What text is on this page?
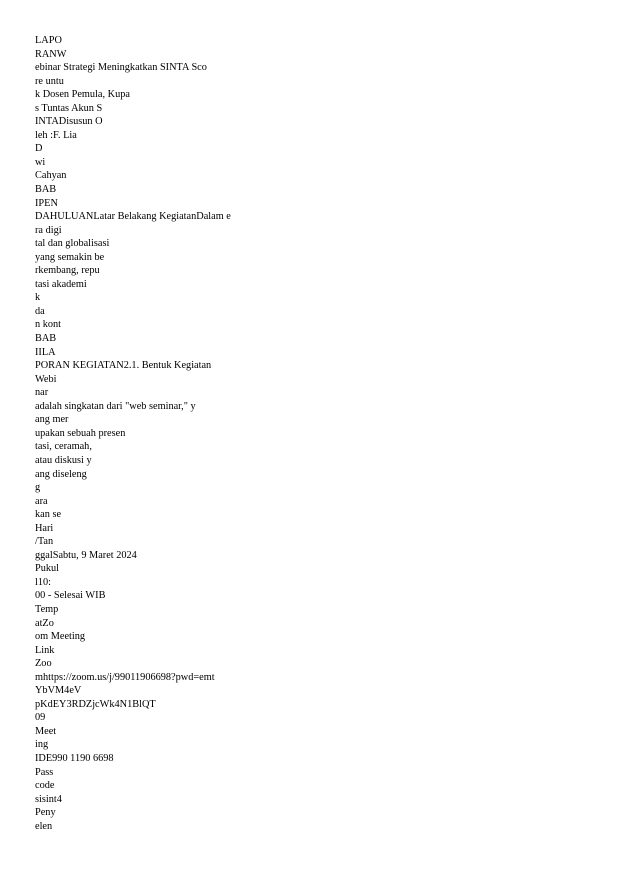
LAPO
RANW
ebinar Strategi Meningkatkan SINTA Sco
re untu
k Dosen Pemula, Kupa
s Tuntas Akun S
INTADisusun O
leh :F. Lia
D
wi
Cahyan
BAB
IPEN
DAHULUANLatar Belakang KegiatanDalam e
ra digi
tal dan globalisasi
yang semakin be
rkembang, repu
tasi akademi
k
da
n kont
BAB
IILA
PORAN KEGIATAN2.1. Bentuk Kegiatan
Webi
nar
adalah singkatan dari "web seminar," y
ang mer
upakan sebuah presen
tasi, ceramah,
atau diskusi y
ang diseleng
g
ara
kan se
Hari
/Tan
ggalSabtu, 9 Maret 2024
Pukul
l10:
00 - Selesai WIB
Temp
atZo
om Meeting
Link
Zoo
mhttps://zoom.us/j/99011906698?pwd=emt
YbVM4eV
pKdEY3RDZjcWk4N1BlQT
09
Meet
ing
IDE990 1190 6698
Pass
code
sisint4
Peny
elen
